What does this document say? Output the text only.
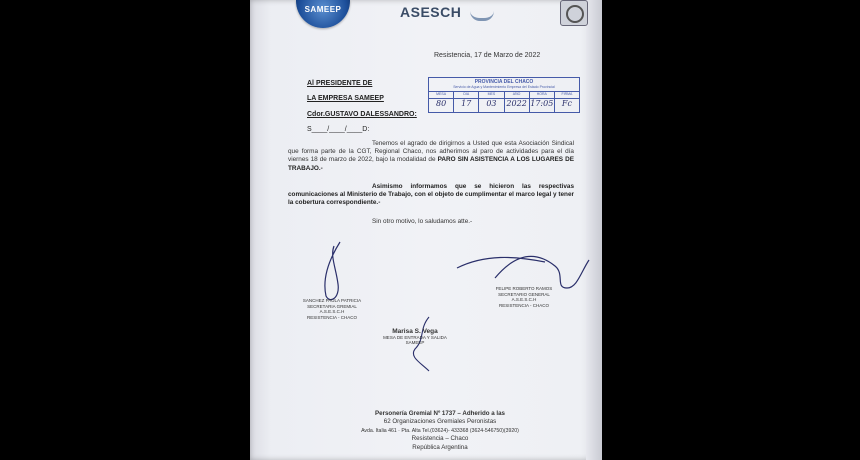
SAMEEP	ASESCH
Resistencia, 17 de Marzo de 2022
Al PRESIDENTE DE
LA EMPRESA SAMEEP
Cdor.GUSTAVO DALESSANDRO:
S____/____/____D:
PROVINCIA DEL CHACO
Servicio de Agua y Mantenimiento Empresa del Estado Provincial
MESA	DIA	MES	AÑO	HORA	FIRMA
80	17	03	2022 17:05	Fc
Tenemos el agrado de dirigirnos a Usted que esta Asociación Sindical que forma parte de la CGT, Regional Chaco, nos adherimos al paro de actividades para el día viernes 18 de marzo de 2022, bajo la modalidad de PARO SIN ASISTENCIA A LOS LUGARES DE TRABAJO.-
Asimismo informamos que se hicieron las respectivas comunicaciones al Ministerio de Trabajo, con el objeto de cumplimentar el marco legal y tener la cobertura correspondiente.-
Sin otro motivo, lo saludamos atte.-
SANCHEZ PAULA PATRICIA
SECRETARIA GREMIAL
A.S.E.S.C.H
RESISTENCIA - CHACO
FELIPE ROBERTO RAMOS
SECRETARIO GENERAL
A.S.E.S.C.H
RESISTENCIA - CHACO
Marisa S. Vega
MESA DE ENTRADA Y SALIDA
SAMEEP
Personería Gremial Nº 1737 – Adherido a las
62 Organizaciones Gremiales Peronistas
Avda. Italia 461 · Pta. Alta Tel.(03624)- 433368 (3624-546750)(3920)
Resistencia – Chaco
República Argentina
